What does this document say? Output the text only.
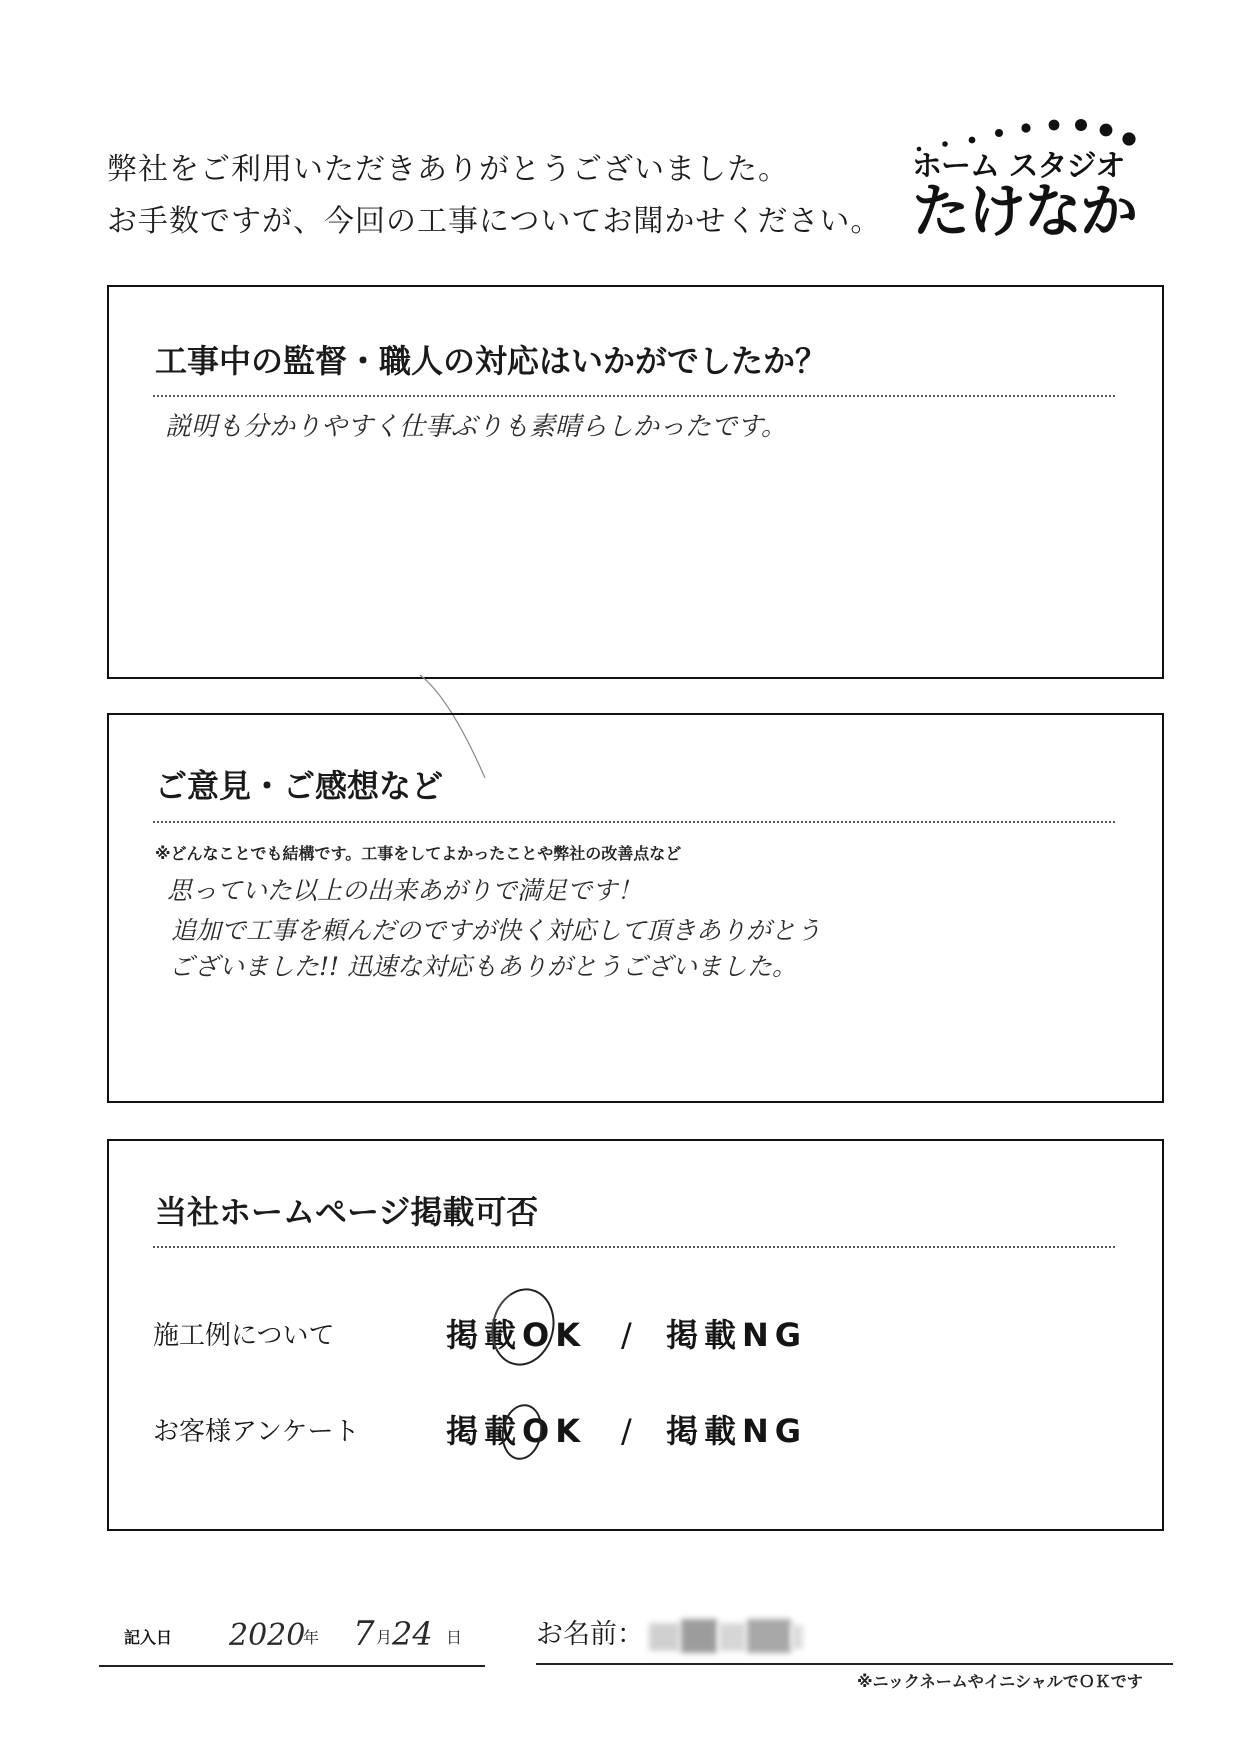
弊社をご利用いただきありがとうございました。
お手数ですが、今回の工事についてお聞かせください。
ホーム スタジオ
たけなか
工事中の監督・職人の対応はいかがでしたか？
説明も分かりやすく仕事ぶりも素晴らしかったです。
ご意見・ご感想など
※どんなことでも結構です。工事をしてよかったことや弊社の改善点など
思っていた以上の出来あがりで満足です！
追加で工事を頼んだのですが快く対応して頂きありがとう
ございました!! 迅速な対応もありがとうございました。
当社ホームページ掲載可否
施工例について	掲載OK / 掲載NG
お客様アンケート	掲載OK / 掲載NG
記入日 2020
年 7 月 24 日	お名前：
※ニックネームやイニシャルでＯＫです
